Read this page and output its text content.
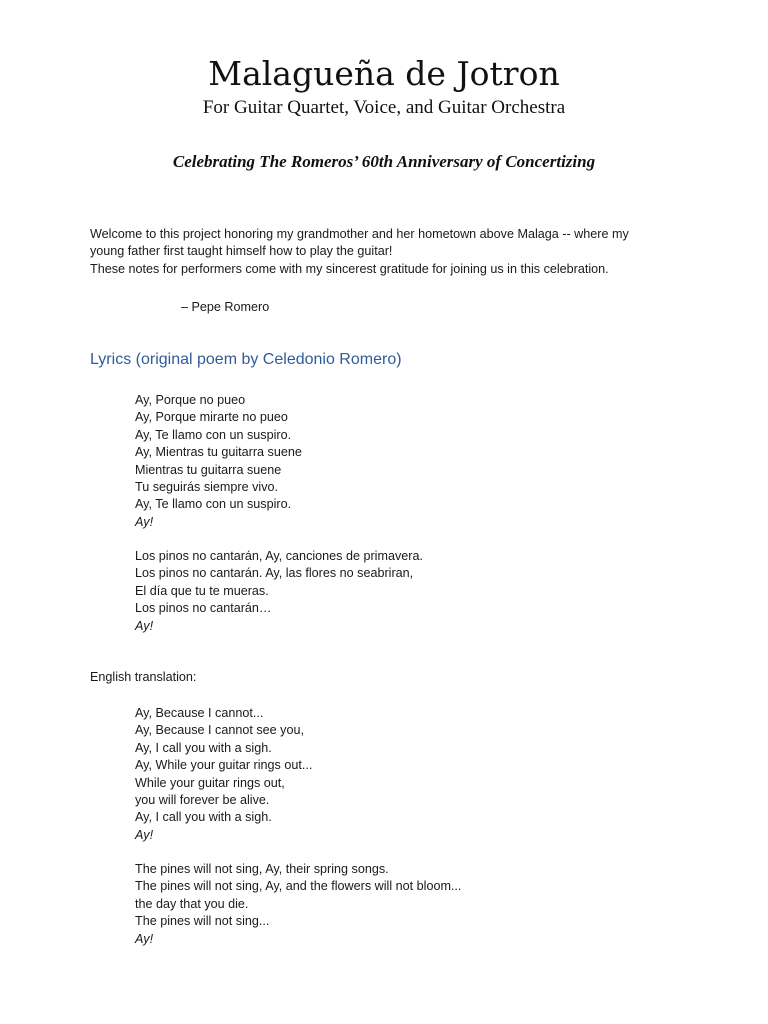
Malagueña de Jotron
For Guitar Quartet, Voice, and Guitar Orchestra
Celebrating The Romeros’ 60th Anniversary of Concertizing

Welcome to this project honoring my grandmother and her hometown above Malaga -- where my

young father first taught himself how to play the guitar!

These notes for performers come with my sincerest gratitude for joining us in this celebration.

– Pepe Romero
Lyrics (original poem by Celedonio Romero)
Ay, Porque no pueo
Ay, Porque mirarte no pueo
Ay, Te llamo con un suspiro.
Ay, Mientras tu guitarra suene
Mientras tu guitarra suene
Tu seguirás siempre vivo.
Ay, Te llamo con un suspiro.
Ay!
Los pinos no cantarán, Ay, canciones de primavera.
Los pinos no cantarán. Ay, las flores no seabriran,
El día que tu te mueras.
Los pinos no cantarán…
Ay!
English translation:
Ay, Because I cannot...
Ay, Because I cannot see you,
Ay, I call you with a sigh.
Ay, While your guitar rings out...
While your guitar rings out,
you will forever be alive.
Ay, I call you with a sigh.
Ay!
The pines will not sing, Ay, their spring songs.
The pines will not sing, Ay, and the flowers will not bloom...
the day that you die.
The pines will not sing...
Ay!
